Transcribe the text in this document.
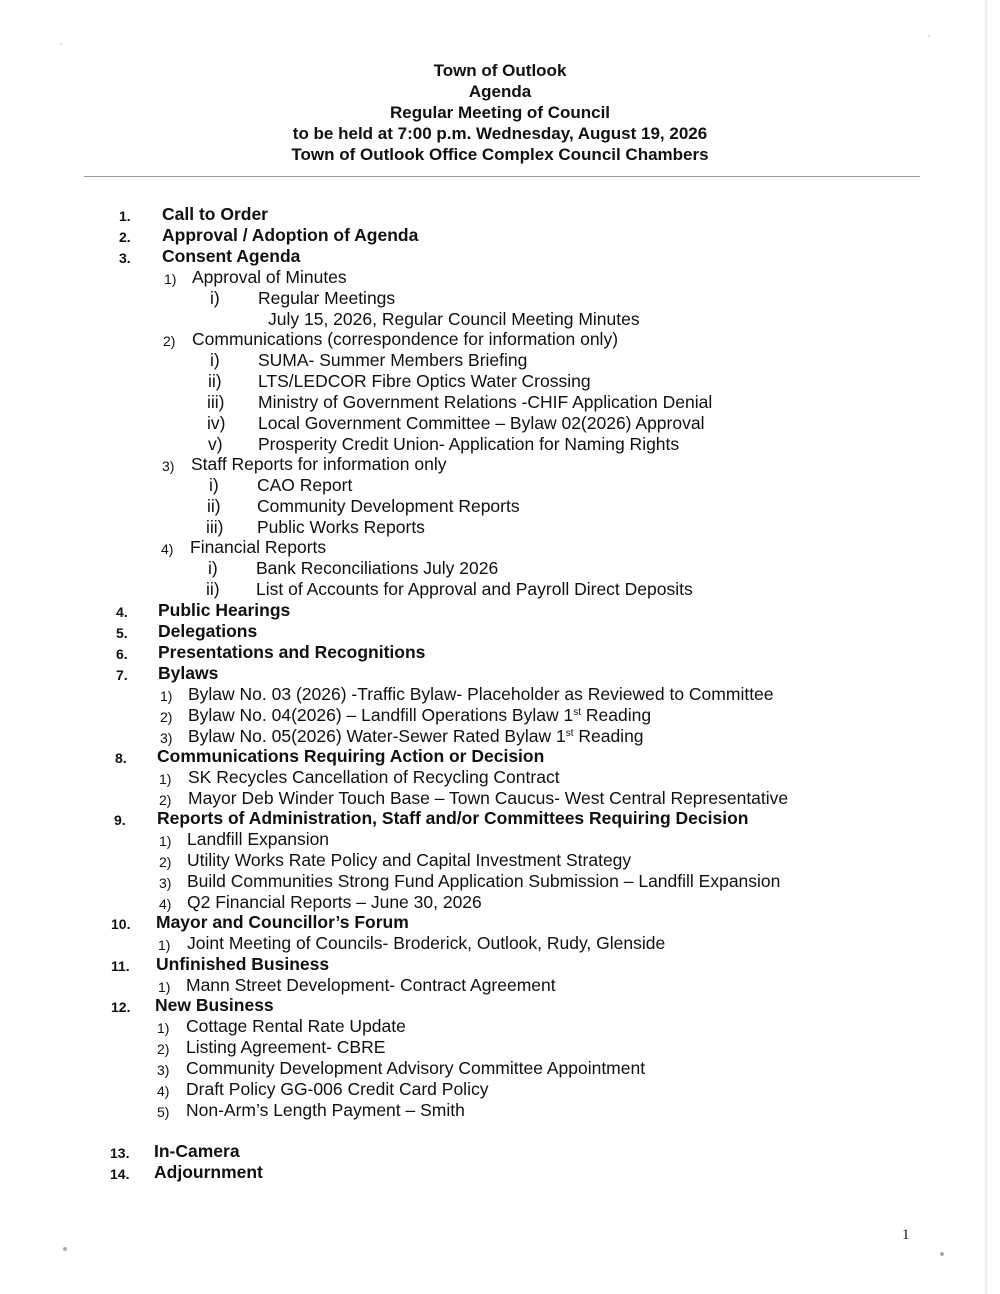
Town of Outlook
Agenda
Regular Meeting of Council
to be held at 7:00 p.m. Wednesday, August 19, 2026
Town of Outlook Office Complex Council Chambers
1. Call to Order
2. Approval / Adoption of Agenda
3. Consent Agenda
1) Approval of Minutes
i) Regular Meetings
July 15, 2026, Regular Council Meeting Minutes
2) Communications (correspondence for information only)
i) SUMA- Summer Members Briefing
ii) LTS/LEDCOR Fibre Optics Water Crossing
iii) Ministry of Government Relations -CHIF Application Denial
iv) Local Government Committee – Bylaw 02(2026) Approval
v) Prosperity Credit Union- Application for Naming Rights
3) Staff Reports for information only
i) CAO Report
ii) Community Development Reports
iii) Public Works Reports
4) Financial Reports
i) Bank Reconciliations July 2026
ii) List of Accounts for Approval and Payroll Direct Deposits
4. Public Hearings
5. Delegations
6. Presentations and Recognitions
7. Bylaws
1) Bylaw No. 03 (2026) -Traffic Bylaw- Placeholder as Reviewed to Committee
2) Bylaw No. 04(2026) – Landfill Operations Bylaw 1st Reading
3) Bylaw No. 05(2026) Water-Sewer Rated Bylaw 1st Reading
8. Communications Requiring Action or Decision
1) SK Recycles Cancellation of Recycling Contract
2) Mayor Deb Winder Touch Base – Town Caucus- West Central Representative
9. Reports of Administration, Staff and/or Committees Requiring Decision
1) Landfill Expansion
2) Utility Works Rate Policy and Capital Investment Strategy
3) Build Communities Strong Fund Application Submission – Landfill Expansion
4) Q2 Financial Reports – June 30, 2026
10. Mayor and Councillor’s Forum
1) Joint Meeting of Councils- Broderick, Outlook, Rudy, Glenside
11. Unfinished Business
1) Mann Street Development- Contract Agreement
12. New Business
1) Cottage Rental Rate Update
2) Listing Agreement- CBRE
3) Community Development Advisory Committee Appointment
4) Draft Policy GG-006 Credit Card Policy
5) Non-Arm’s Length Payment – Smith
13. In-Camera
14. Adjournment
1
